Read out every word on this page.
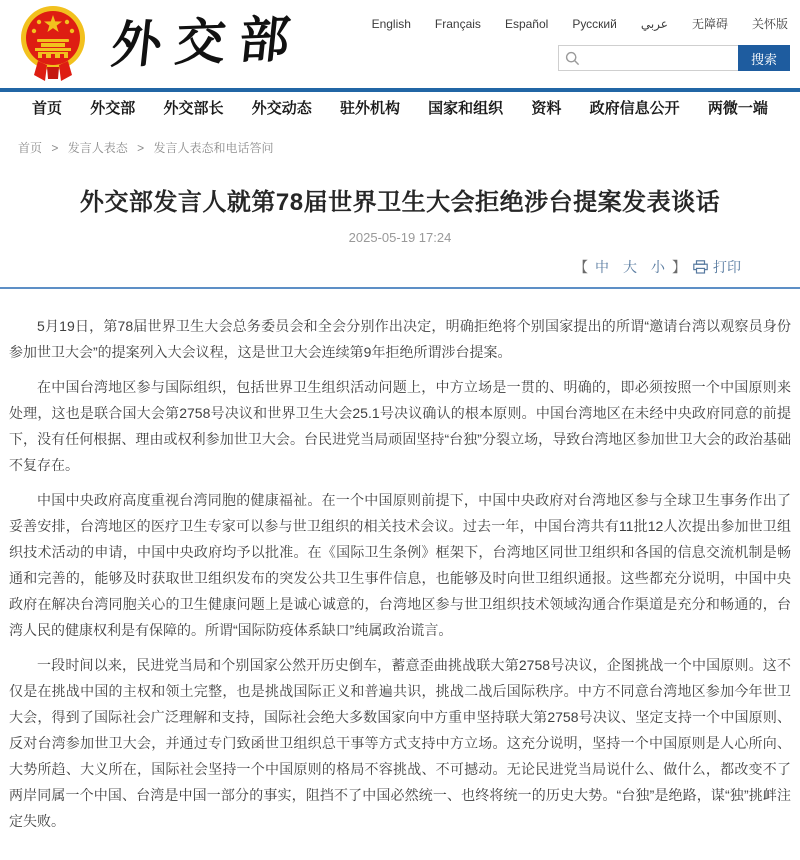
外交部	English Français Español Русский عربي 无障碍 关怀版
搜索
首页 外交部 外交部长 外交动态 驻外机构 国家和组织 资料 政府信息公开 两微一端
首页 > 发言人表态 > 发言人表态和电话答问
外交部发言人就第78届世界卫生大会拒绝涉台提案发表谈话
2025-05-19 17:24
【 中 大 小 】 打印

5月19日，第78届世界卫生大会总务委员会和全会分别作出决定，明确拒绝将个别国家提出的所谓“邀请台湾以观察员身份参加世卫大会”的提案列入大会议程，这是世卫大会连续第9年拒绝所谓涉台提案。

在中国台湾地区参与国际组织，包括世界卫生组织活动问题上，中方立场是一贯的、明确的，即必须按照一个中国原则来处理，这也是联合国大会第2758号决议和世界卫生大会25.1号决议确认的根本原则。中国台湾地区在未经中央政府同意的前提下，没有任何根据、理由或权利参加世卫大会。台民进党当局顽固坚持“台独”分裂立场，导致台湾地区参加世卫大会的政治基础不复存在。

中国中央政府高度重视台湾同胞的健康福祉。在一个中国原则前提下，中国中央政府对台湾地区参与全球卫生事务作出了妥善安排，台湾地区的医疗卫生专家可以参与世卫组织的相关技术会议。过去一年，中国台湾共有11批12人次提出参加世卫组织技术活动的申请，中国中央政府均予以批准。在《国际卫生条例》框架下，台湾地区同世卫组织和各国的信息交流机制是畅通和完善的，能够及时获取世卫组织发布的突发公共卫生事件信息，也能够及时向世卫组织通报。这些都充分说明，中国中央政府在解决台湾同胞关心的卫生健康问题上是诚心诚意的，台湾地区参与世卫组织技术领域沟通合作渠道是充分和畅通的，台湾人民的健康权利是有保障的。所谓“国际防疫体系缺口”纯属政治谎言。

一段时间以来，民进党当局和个别国家公然开历史倒车，蓄意歪曲挑战联大第2758号决议，企图挑战一个中国原则。这不仅是在挑战中国的主权和领土完整，也是挑战国际正义和普遍共识，挑战二战后国际秩序。中方不同意台湾地区参加今年世卫大会，得到了国际社会广泛理解和支持，国际社会绝大多数国家向中方重申坚持联大第2758号决议、坚定支持一个中国原则、反对台湾参加世卫大会，并通过专门致函世卫组织总干事等方式支持中方立场。这充分说明，坚持一个中国原则是人心所向、大势所趋、大义所在，国际社会坚持一个中国原则的格局不容挑战、不可撼动。无论民进党当局说什么、做什么，都改变不了两岸同属一个中国、台湾是中国一部分的事实，阻挡不了中国必然统一、也终将统一的历史大势。“台独”是绝路，谋“独”挑衅注定失败。
